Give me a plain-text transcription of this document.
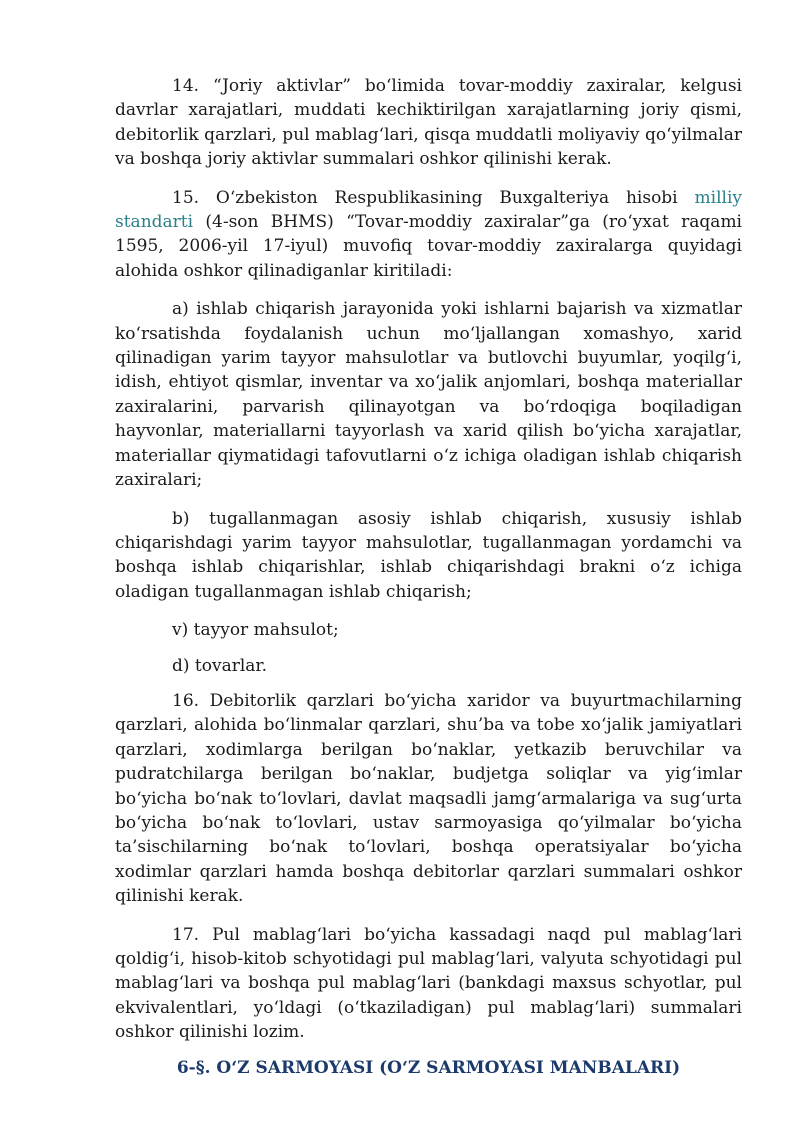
14. “Joriy aktivlar” bo‘limida tovar-moddiy zaxiralar, kelgusi davrlar xarajatlari, muddati kechiktirilgan xarajatlarning joriy qismi, debitorlik qarzlari, pul mablag‘lari, qisqa muddatli moliyaviy qo‘yilmalar va boshqa joriy aktivlar summalari oshkor qilinishi kerak.

15. O‘zbekiston Respublikasining Buxgalteriya hisobi milliy standarti (4-son BHMS) “Tovar-moddiy zaxiralar”ga (ro‘yxat raqami 1595, 2006-yil 17-iyul) muvofiq tovar-moddiy zaxiralarga quyidagi alohida oshkor qilinadiganlar kiritiladi:

a) ishlab chiqarish jarayonida yoki ishlarni bajarish va xizmatlar ko‘rsatishda foydalanish uchun mo‘ljallangan xomashyo, xarid qilinadigan yarim tayyor mahsulotlar va butlovchi buyumlar, yoqilg‘i, idish, ehtiyot qismlar, inventar va xo‘jalik anjomlari, boshqa materiallar zaxiralarini, parvarish qilinayotgan va bo‘rdoqiga boqiladigan hayvonlar, materiallarni tayyorlash va xarid qilish bo‘yicha xarajatlar, materiallar qiymatidagi tafovutlarni o‘z ichiga oladigan ishlab chiqarish zaxiralari;

b) tugallanmagan asosiy ishlab chiqarish, xususiy ishlab chiqarishdagi yarim tayyor mahsulotlar, tugallanmagan yordamchi va boshqa ishlab chiqarishlar, ishlab chiqarishdagi brakni o‘z ichiga oladigan tugallanmagan ishlab chiqarish;

v) tayyor mahsulot;

d) tovarlar.

16. Debitorlik qarzlari bo‘yicha xaridor va buyurtmachilarning qarzlari, alohida bo‘linmalar qarzlari, shu’ba va tobe xo‘jalik jamiyatlari qarzlari, xodimlarga berilgan bo‘naklar, yetkazib beruvchilar va pudratchilarga berilgan bo‘naklar, budjetga soliqlar va yig‘imlar bo‘yicha bo‘nak to‘lovlari, davlat maqsadli jamg‘armalariga va sug‘urta bo‘yicha bo‘nak to‘lovlari, ustav sarmoyasiga qo‘yilmalar bo‘yicha ta’sischilarning bo‘nak to‘lovlari, boshqa operatsiyalar bo‘yicha xodimlar qarzlari hamda boshqa debitorlar qarzlari summalari oshkor qilinishi kerak.

17. Pul mablag‘lari bo‘yicha kassadagi naqd pul mablag‘lari qoldig‘i, hisob-kitob schyotidagi pul mablag‘lari, valyuta schyotidagi pul mablag‘lari va boshqa pul mablag‘lari (bankdagi maxsus schyotlar, pul ekvivalentlari, yo‘ldagi (o‘tkaziladigan) pul mablag‘lari) summalari oshkor qilinishi lozim.

6-§. O‘Z SARMOYASI (O‘Z SARMOYASI MANBALARI)
